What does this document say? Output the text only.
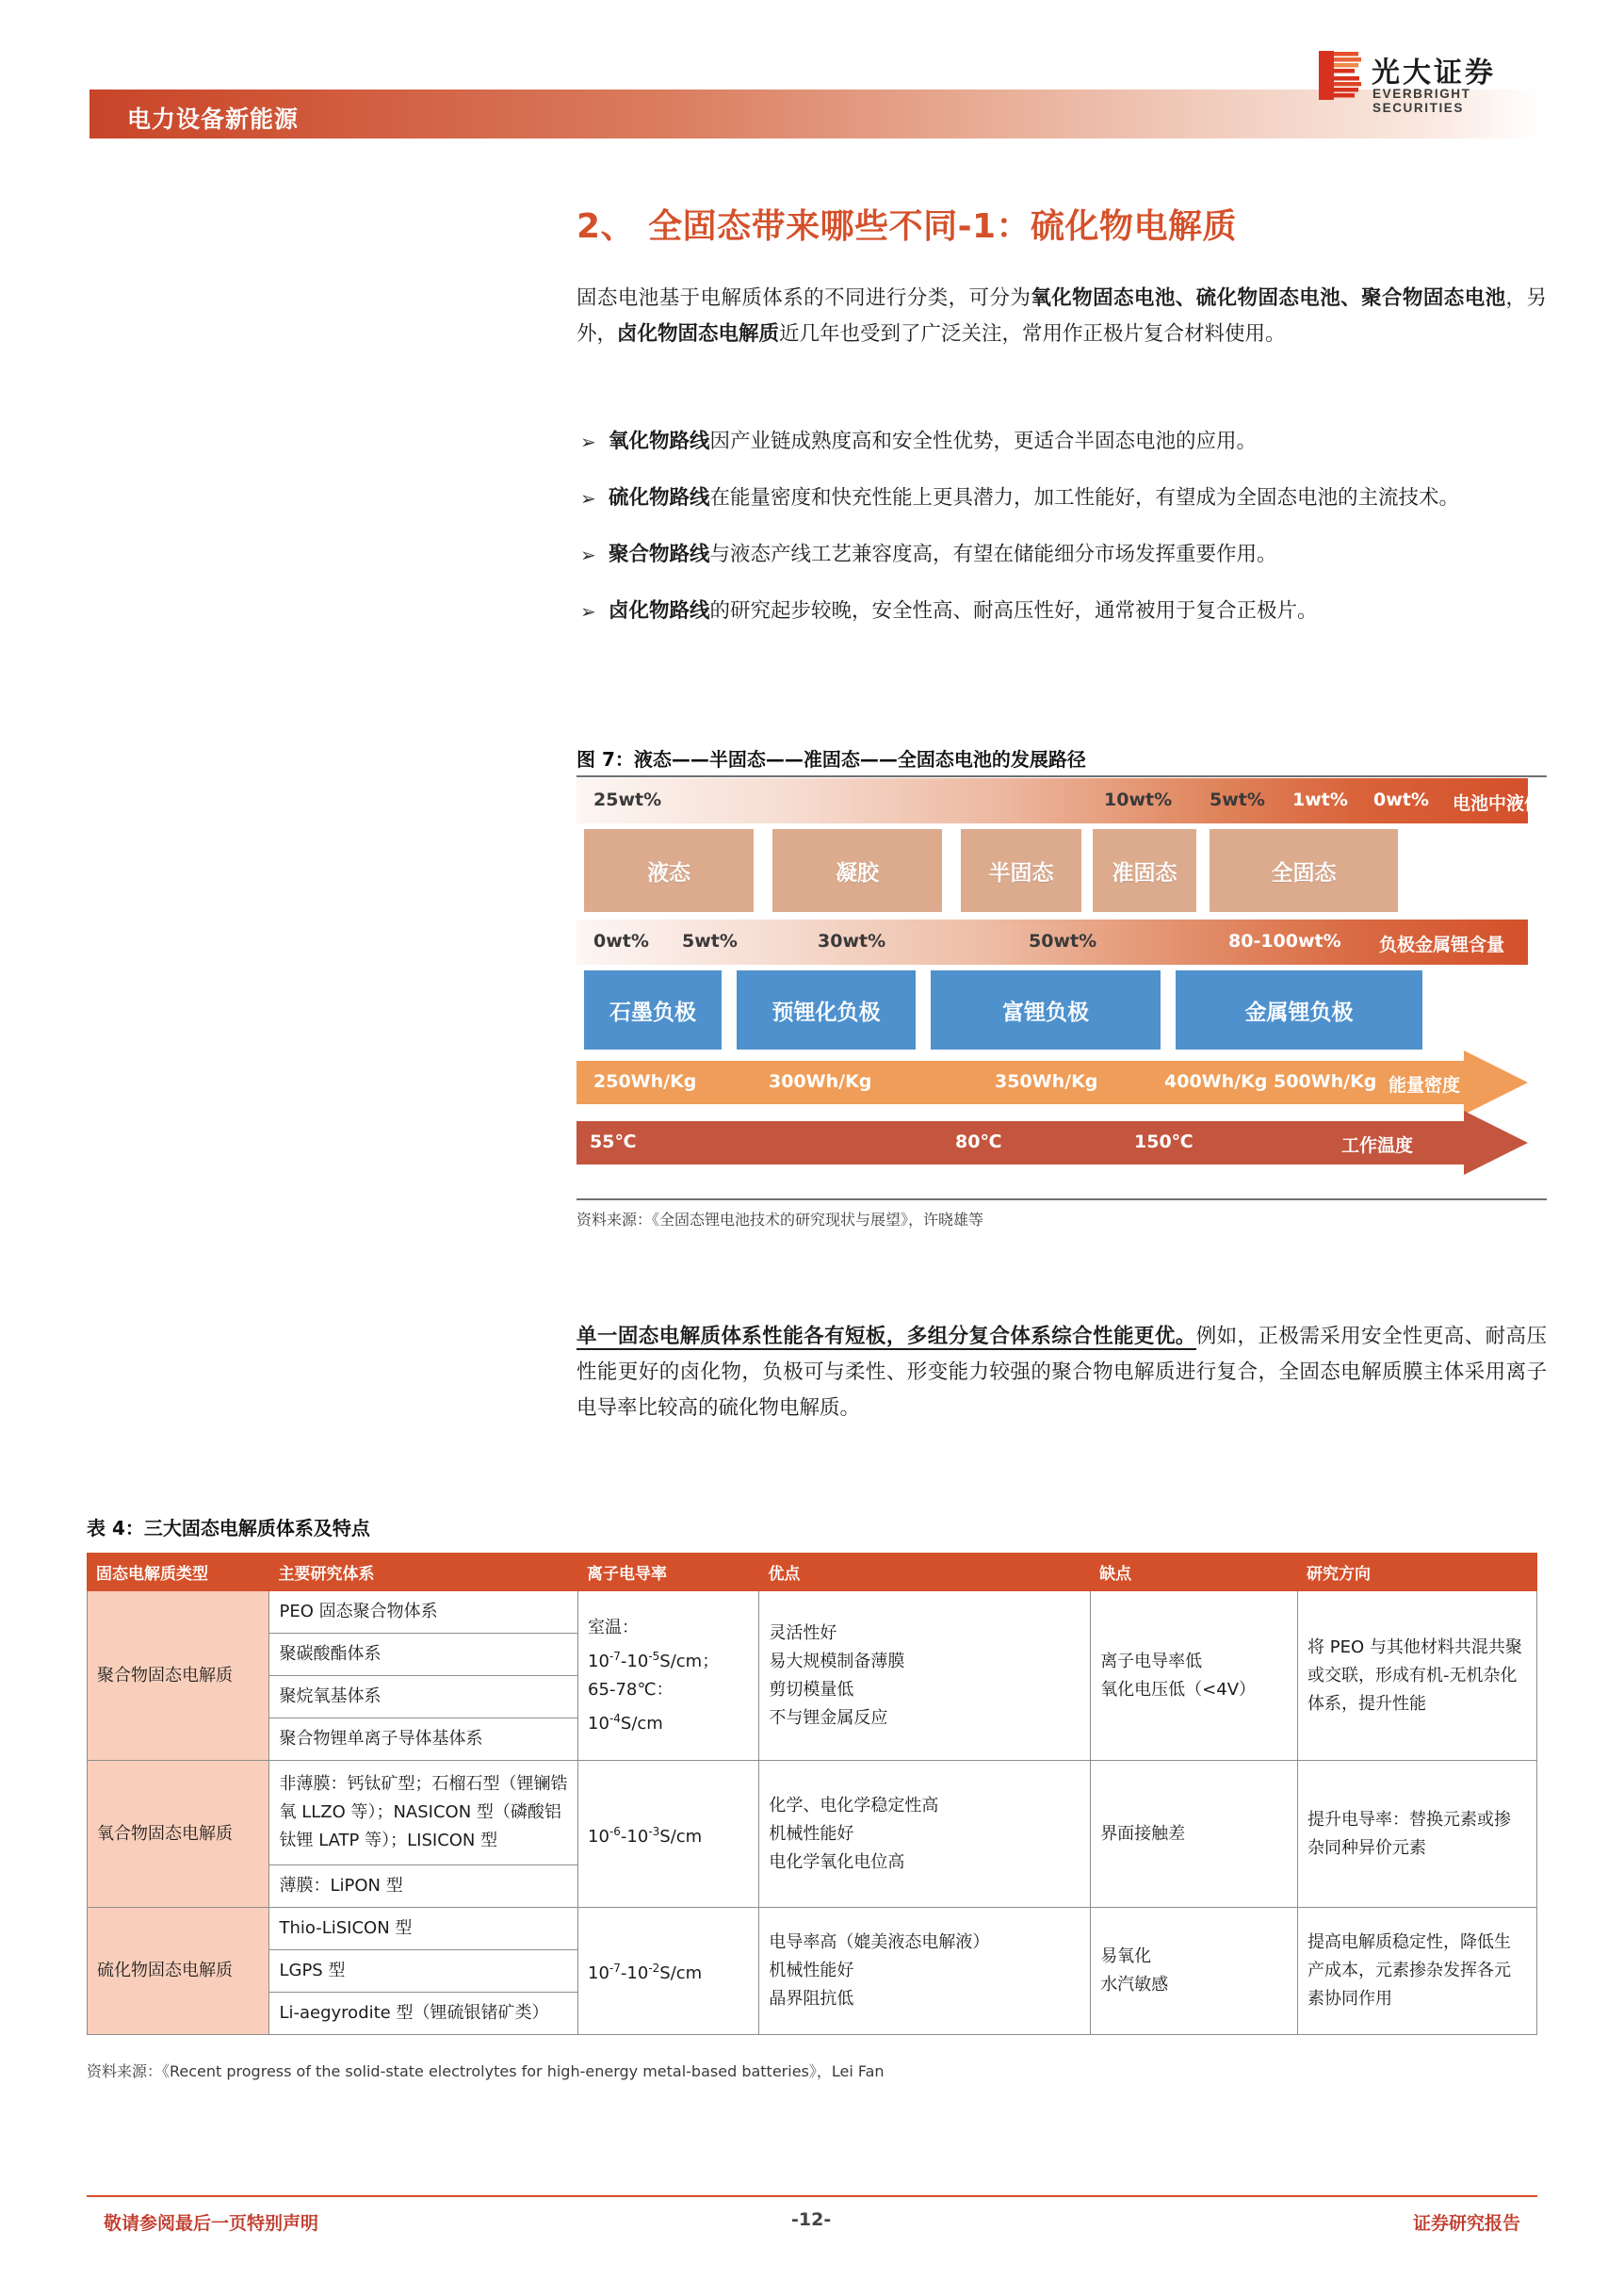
电力设备新能源
光大证券
EVERBRIGHT SECURITIES
2、 全固态带来哪些不同-1：硫化物电解质
固态电池基于电解质体系的不同进行分类，可分为氧化物固态电池、硫化物固态电池、聚合物固态电池，另外，卤化物固态电解质近几年也受到了广泛关注，常用作正极片复合材料使用。
➢ 氧化物路线因产业链成熟度高和安全性优势，更适合半固态电池的应用。
➢ 硫化物路线在能量密度和快充性能上更具潜力，加工性能好，有望成为全固态电池的主流技术。
➢ 聚合物路线与液态产线工艺兼容度高，有望在储能细分市场发挥重要作用。
➢ 卤化物路线的研究起步较晚，安全性高、耐高压性好，通常被用于复合正极片。
图 7：液态——半固态——准固态——全固态电池的发展路径
25wt%	10wt% 5wt% 1wt% 0wt% 电池中液体含量
液态	凝胶	半固态	准固态	全固态
0wt% 5wt%	30wt%	50wt%	80-100wt% 负极金属锂含量
石墨负极	预锂化负极	富锂负极	金属锂负极
250Wh/Kg	300Wh/Kg	350Wh/Kg	400Wh/Kg 500Wh/Kg 能量密度
55℃	80℃	150℃	工作温度
资料来源：《全固态锂电池技术的研究现状与展望》，许晓雄等
单一固态电解质体系性能各有短板，多组分复合体系综合性能更优。例如，正极需采用安全性更高、耐高压性能更好的卤化物，负极可与柔性、形变能力较强的聚合物电解质进行复合，全固态电解质膜主体采用离子电导率比较高的硫化物电解质。
表 4：三大固态电解质体系及特点
固态电解质类型	主要研究体系	离子电导率	优点	缺点	研究方向
聚合物固态电解质	PEO 固态聚合物体系	室温：
$10^{-7}-10^{-5}S/cm$；
65-78℃：
$10^{-4}S/cm$	灵活性好
易大规模制备薄膜
剪切模量低
不与锂金属反应	离子电导率低
氧化电压低（<4V）	将 PEO 与其他材料共混共聚或交联，形成有机-无机杂化体系，提升性能
	聚碳酸酯体系				
	聚烷氧基体系				
	聚合物锂单离子导体基体系				
氧合物固态电解质	非薄膜：钙钛矿型；石榴石型（锂镧锆氧 LLZO 等）；NASICON 型（磷酸铝钛锂 LATP 等）；LISICON 型	$10^{-6}-10^{-3}S/cm$	化学、电化学稳定性高
机械性能好
电化学氧化电位高	界面接触差	提升电导率：替换元素或掺杂同种异价元素
	薄膜：LiPON 型				
硫化物固态电解质	Thio-LiSICON 型	$10^{-7}-10^{-2}S/cm$	电导率高（媲美液态电解液）
机械性能好
晶界阻抗低	易氧化
水汽敏感	提高电解质稳定性，降低生产成本，元素掺杂发挥各元素协同作用
	LGPS 型				
	Li-aegyrodite 型（锂硫银锗矿类）				
资料来源：《Recent progress of the solid-state electrolytes for high-energy metal-based batteries》，Lei Fan
敬请参阅最后一页特别声明	-12-	证券研究报告
